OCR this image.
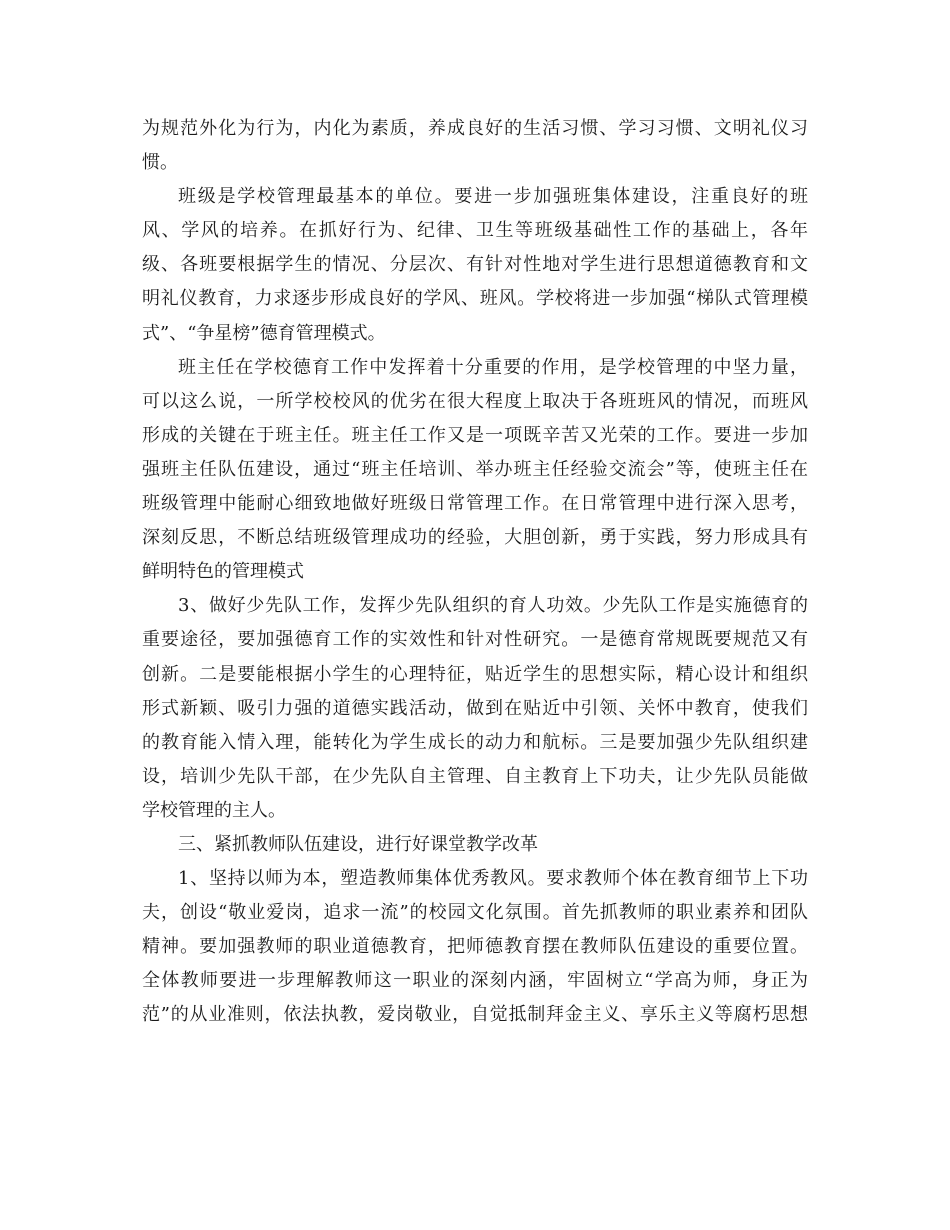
为规范外化为行为，内化为素质，养成良好的生活习惯、学习习惯、文明礼仪习
惯。
班级是学校管理最基本的单位。要进一步加强班集体建设，注重良好的班
风、学风的培养。在抓好行为、纪律、卫生等班级基础性工作的基础上，各年
级、各班要根据学生的情况、分层次、有针对性地对学生进行思想道德教育和文
明礼仪教育，力求逐步形成良好的学风、班风。学校将进一步加强“梯队式管理模
式”、“争星榜”德育管理模式。
班主任在学校德育工作中发挥着十分重要的作用，是学校管理的中坚力量，
可以这么说，一所学校校风的优劣在很大程度上取决于各班班风的情况，而班风
形成的关键在于班主任。班主任工作又是一项既辛苦又光荣的工作。要进一步加
强班主任队伍建设，通过“班主任培训、举办班主任经验交流会”等，使班主任在
班级管理中能耐心细致地做好班级日常管理工作。在日常管理中进行深入思考，
深刻反思，不断总结班级管理成功的经验，大胆创新，勇于实践，努力形成具有
鲜明特色的管理模式
3、做好少先队工作，发挥少先队组织的育人功效。少先队工作是实施德育的
重要途径，要加强德育工作的实效性和针对性研究。一是德育常规既要规范又有
创新。二是要能根据小学生的心理特征，贴近学生的思想实际，精心设计和组织
形式新颖、吸引力强的道德实践活动，做到在贴近中引领、关怀中教育，使我们
的教育能入情入理，能转化为学生成长的动力和航标。三是要加强少先队组织建
设，培训少先队干部，在少先队自主管理、自主教育上下功夫，让少先队员能做
学校管理的主人。
三、紧抓教师队伍建设，进行好课堂教学改革
1、坚持以师为本，塑造教师集体优秀教风。要求教师个体在教育细节上下功
夫，创设“敬业爱岗，追求一流”的校园文化氛围。首先抓教师的职业素养和团队
精神。要加强教师的职业道德教育，把师德教育摆在教师队伍建设的重要位置。
全体教师要进一步理解教师这一职业的深刻内涵，牢固树立“学高为师，身正为
范”的从业准则，依法执教，爱岗敬业，自觉抵制拜金主义、享乐主义等腐朽思想
